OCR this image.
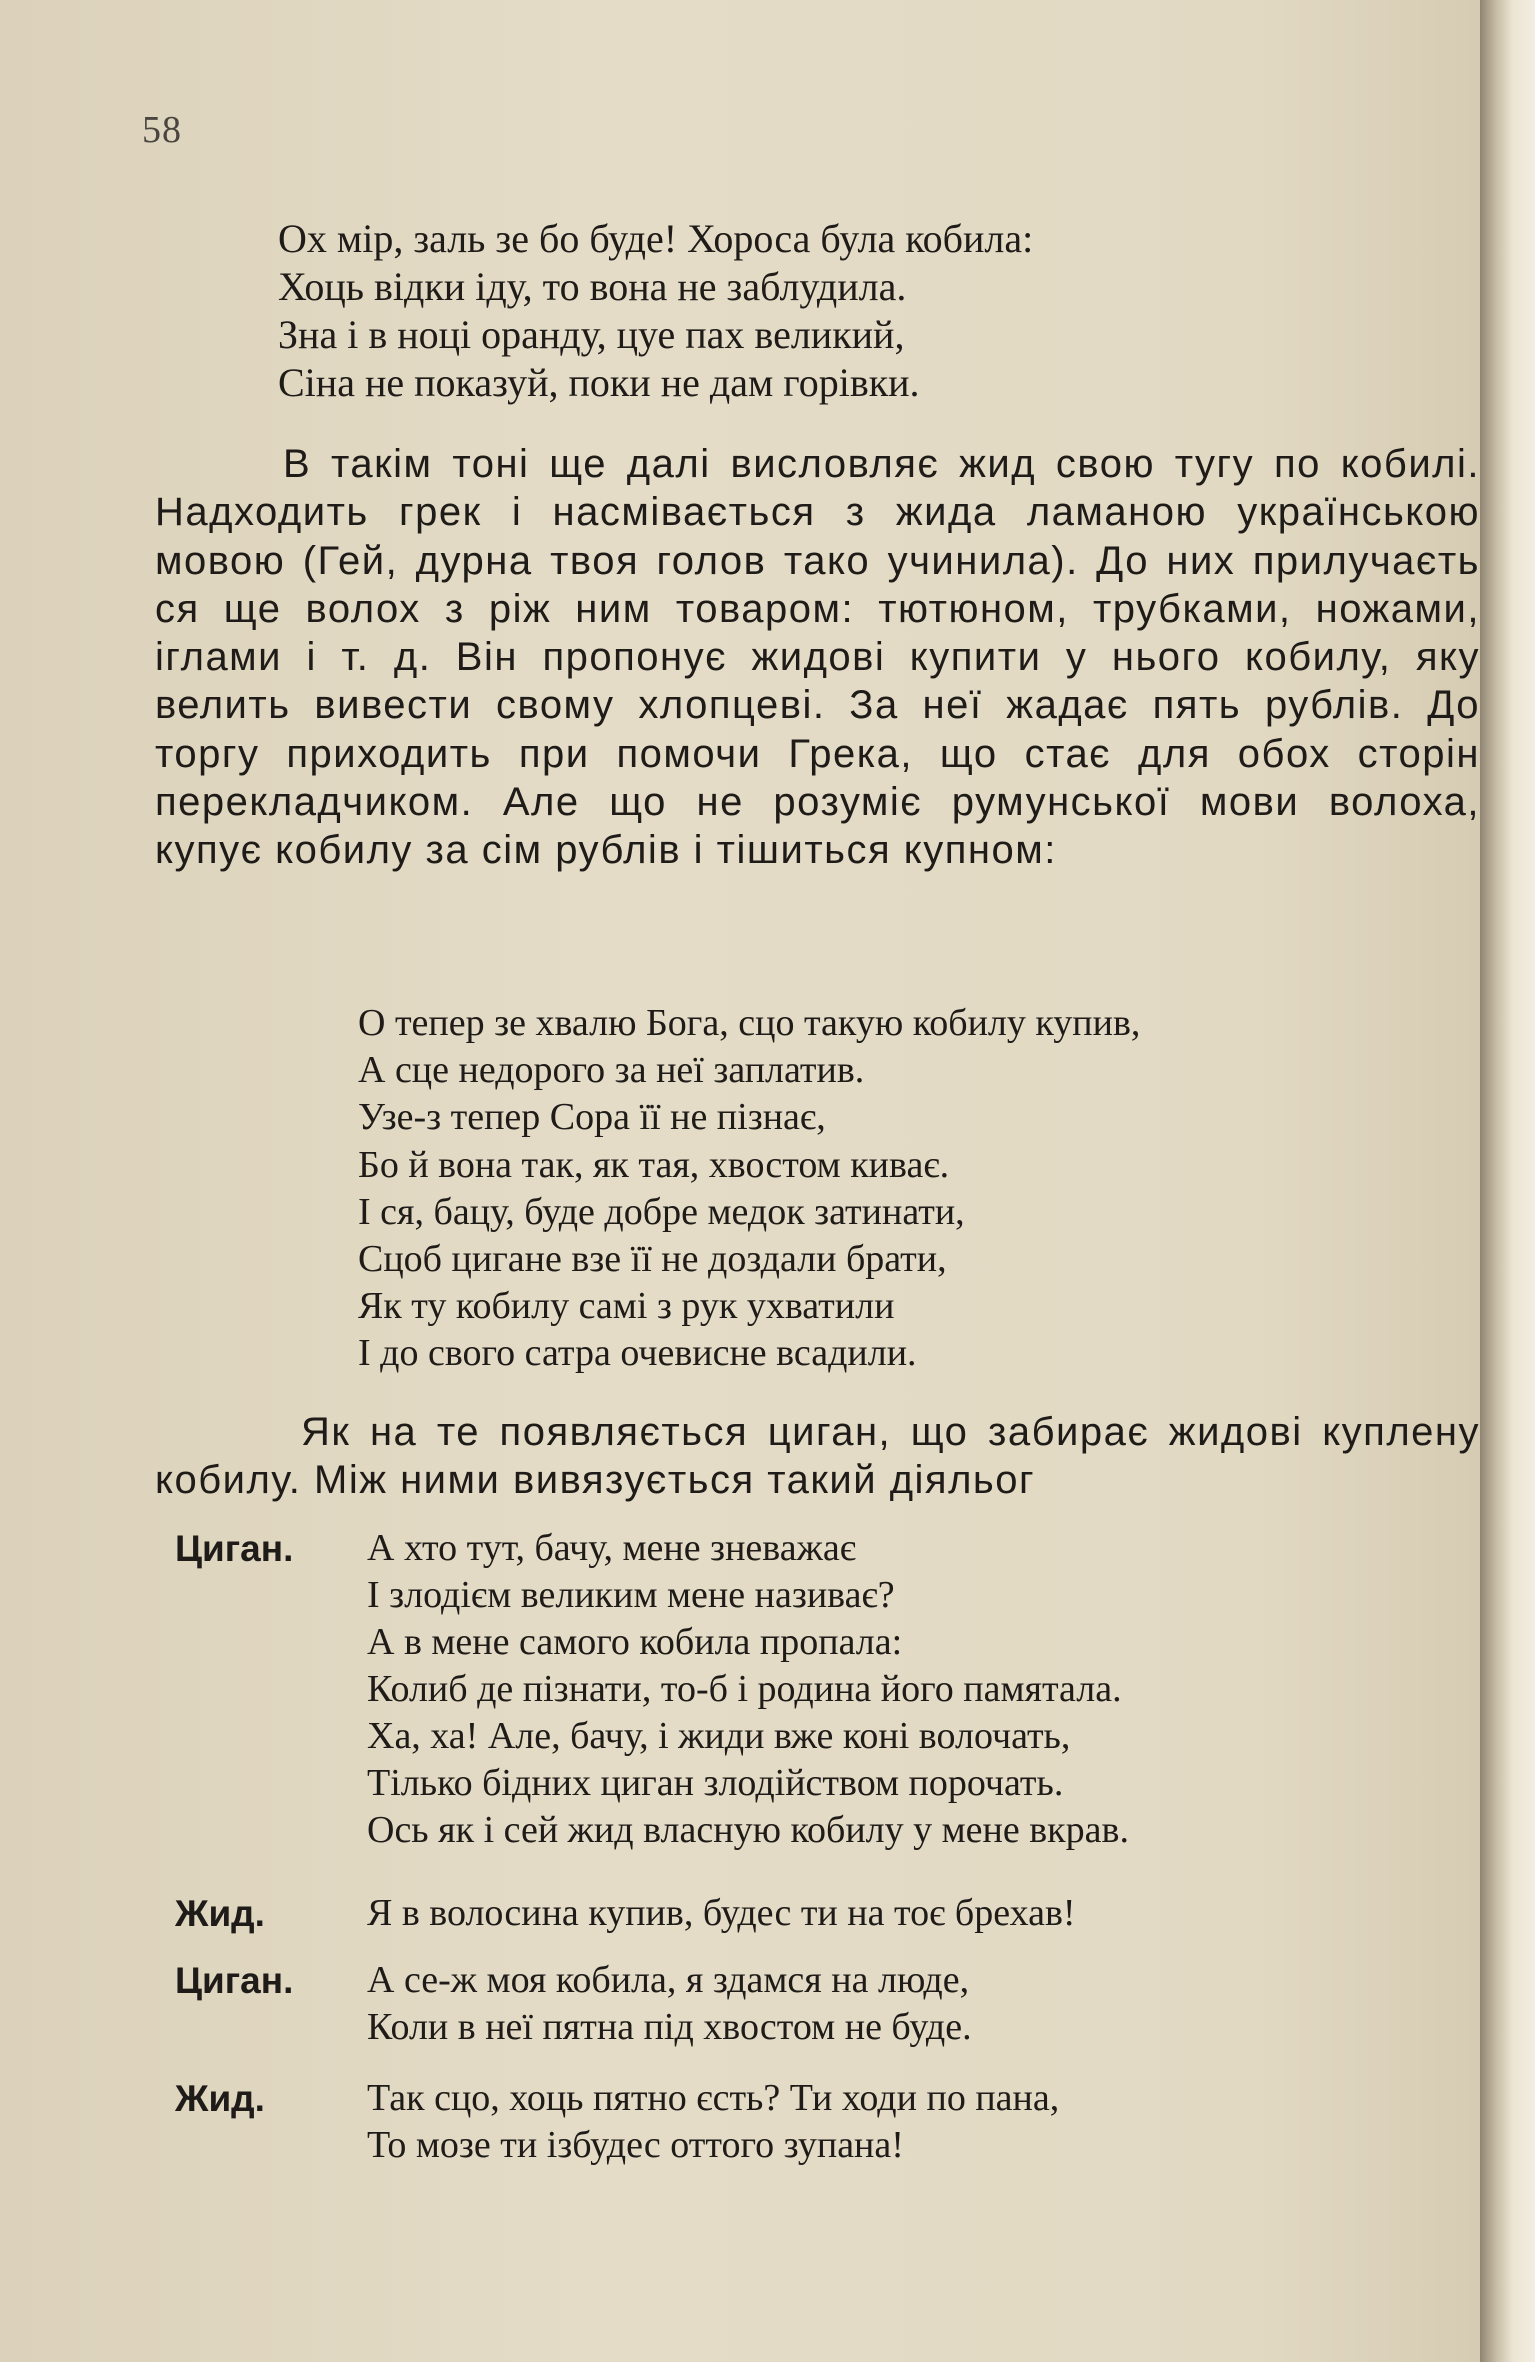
58
Ох мір, заль зе бо буде! Хороса була кобила:
Хоць відки іду, то вона не заблудила.
Зна і в ноці оранду, цуе пах великий,
Сіна не показуй, поки не дам горівки.

В такім тоні ще далі висловляє жид свою тугу по кобилі. Надходить грек і насмівається з жида ламаною українською мовою (Гей, дурна твоя голов тако учинила). До них прилучаєть ся ще волох з ріж ним товаром: тютюном, трубками, ножами, іглами і т. д. Він пропонує жидові купити у нього кобилу, яку велить вивести свому хлопцеві. За неї жадає пять рублів. До торгу приходить при помочи Грека, що стає для обох сторін перекладчиком. Але що не розуміє румунської мови волоха, купує кобилу за сім рублів і тішиться купном:

О тепер зе хвалю Бога, сцо такую кобилу купив,
А сце недорого за неї заплатив.
Узе-з тепер Сора її не пізнає,
Бо й вона так, як тая, хвостом киває.
І ся, бацу, буде добре медок затинати,
Сцоб цигане взе її не доздали брати,
Як ту кобилу самі з рук ухватили
І до свого сатра очевисне всадили.

Як на те появляється циган, що забирає жидові куплену кобилу. Між ними вивязується такий діяльог

Циган. А хто тут, бачу, мене зневажає
І злодієм великим мене називає?
А в мене самого кобила пропала:
Колиб де пізнати, то-б і родина його памятала.
Ха, ха! Але, бачу, і жиди вже коні волочать,
Тілько бідних циган злодійством порочать.
Ось як і сей жид власную кобилу у мене вкрав.
Жид.	Я в волосина купив, будес ти на тоє брехав!
Циган. А се-ж моя кобила, я здамся на люде,
Коли в неї пятна під хвостом не буде.
Жид.	Так сцо, хоць пятно єсть? Ти ходи по пана,
То мозе ти ізбудес оттого зупана!
